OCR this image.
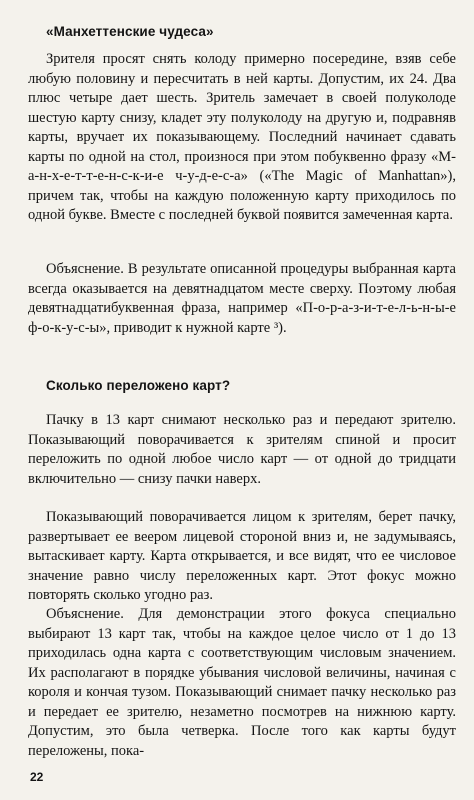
«Манхеттенские чудеса»

Зрителя просят снять колоду примерно посередине, взяв себе любую половину и пересчитать в ней карты. Допустим, их 24. Два плюс четыре дает шесть. Зритель замечает в своей полуколоде шестую карту снизу, кладет эту полуколоду на другую и, подравняв карты, вручает их показывающему. Последний начинает сдавать карты по одной на стол, произнося при этом побуквенно фразу «М-а-н-х-е-т-т-е-н-с-к-и-е ч-у-д-е-с-а» («The Magic of Manhattan»), причем так, чтобы на каждую положенную карту приходилось по одной букве. Вместе с последней буквой появится замеченная карта.

Объяснение. В результате описанной процедуры выбранная карта всегда оказывается на девятнадцатом месте сверху. Поэтому любая девятнадцатибуквенная фраза, например «П-о-р-а-з-и-т-е-л-ь-н-ы-е ф-о-к-у-с-ы», приводит к нужной карте ³).

Сколько переложено карт?

Пачку в 13 карт снимают несколько раз и передают зрителю. Показывающий поворачивается к зрителям спиной и просит переложить по одной любое число карт — от одной до тридцати включительно — снизу пачки наверх.

Показывающий поворачивается лицом к зрителям, берет пачку, развертывает ее веером лицевой стороной вниз и, не задумываясь, вытаскивает карту. Карта открывается, и все видят, что ее числовое значение равно числу переложенных карт. Этот фокус можно повторять сколько угодно раз.

Объяснение. Для демонстрации этого фокуса специально выбирают 13 карт так, чтобы на каждое целое число от 1 до 13 приходилась одна карта с соответствующим числовым значением. Их располагают в порядке убывания числовой величины, начиная с короля и кончая тузом. Показывающий снимает пачку несколько раз и передает ее зрителю, незаметно посмотрев на нижнюю карту. Допустим, это была четверка. После того как карты будут переложены, пока-

22
